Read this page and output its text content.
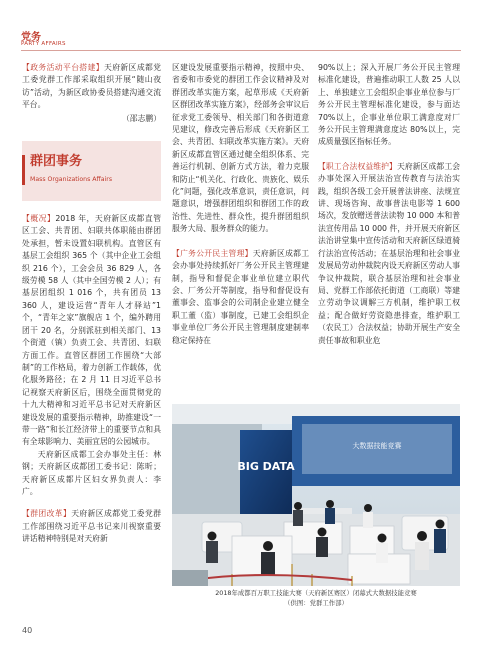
党务
PARTY AFFAIRS

【政务活动平台搭建】天府新区成都党工委党群工作部采取组织开展“随山夜访”活动，为新区政协委员搭建沟通交流平台。

（邵志鹏）

群团事务
Mass Organizations Affairs

【概况】2018 年，天府新区成都直管区工会、共青团、妇联共体职能由群团处承担，暂未设置妇联机构。直管区有基层工会组织 365 个（其中企业工会组织 216 个），工会会员 36 829 人，各级劳模 58 人（其中全国劳模 2 人）；有基层团组织 1 016 个，共有团员 13 360 人，建设运营“青年人才驿站”1 个，“青年之家”旗舰店 1 个，编外聘用团干 20 名，分别派驻到相关部门、13 个街道（镇）负责工会、共青团、妇联方面工作。直管区群团工作围绕“大部制”的工作格局，着力创新工作载体，优化服务路径；在 2 月 11 日习近平总书记视察天府新区后，围绕全面贯彻党的十九大精神和习近平总书记对天府新区建设发展的重要指示精神，助推建设“一带一路”和长江经济带上的重要节点和具有全球影响力、美丽宜居的公园城市。

天府新区成都工会办事处主任：林钢；天府新区成都团工委书记：陈昕；天府新区成都片区妇女界负责人：李广。

【群团改革】天府新区成都党工委党群工作部围绕习近平总书记来川视察重要讲话精神特别是对天府新

区建设发展重要指示精神，按照中央、省委和市委党的群团工作会议精神及对群团改革实施方案，起草形成《天府新区群团改革实施方案》，经部务会审议后征求党工委领导、相关部门和各街道意见建议，修改完善后形成《天府新区工会、共青团、妇联改革实施方案》。天府新区成都直管区通过健全组织体系、完善运行机制、创新方式方法，着力克服和防止“机关化、行政化、贵族化、娱乐化”问题，强化改革意识，责任意识，问题意识，增强群团组织和群团工作的政治性、先进性、群众性，提升群团组织服务大局、服务群众的能力。

【广务公开民主管理】天府新区成都工会办事处持续抓好厂务公开民主管理建制，指导和督促企事业单位建立职代会、厂务公开等制度，指导和督促设有董事会、监事会的公司制企业建立健全职工董（监）事制度，已建工会组织企事业单位厂务公开民主管理制度建制率稳定保持在

90%以上；深入开展厂务公开民主管理标准化建设，普遍推动职工人数 25 人以上、单独建立工会组织企事业单位参与厂务公开民主管理标准化建设，参与面达 70%以上，企事业单位职工满意度对厂务公开民主管理满意度达 80%以上，完成质量强区指标任务。

【职工合法权益维护】天府新区成都工会办事处深入开展法治宣传教育与法治实践，组织各级工会开展普法讲座、法规宣讲、现场咨询、故事普法电影等 1 600 场次，发放赠送普法读物 10 000 本和普法宣传用品 10 000 件，并开展天府新区法治讲堂集中宣传活动和天府新区绿道骑行法治宣传活动；在基层治理和社会事业发展局劳动仲裁院内设天府新区劳动人事争议仲裁院，联合基层治理和社会事业局、党群工作部依托街道（工商联）等建立劳动争议调解三方机制，维护职工权益；配合做好劳资隐患排查，维护职工（农民工）合法权益；协助开展生产安全责任事故和职业危

大数据技能竞赛
BIG DATA
2018年成都百万职工技能大赛（天府新区赛区）闭幕式大数据技能竞赛
（供图：党群工作部）
40
